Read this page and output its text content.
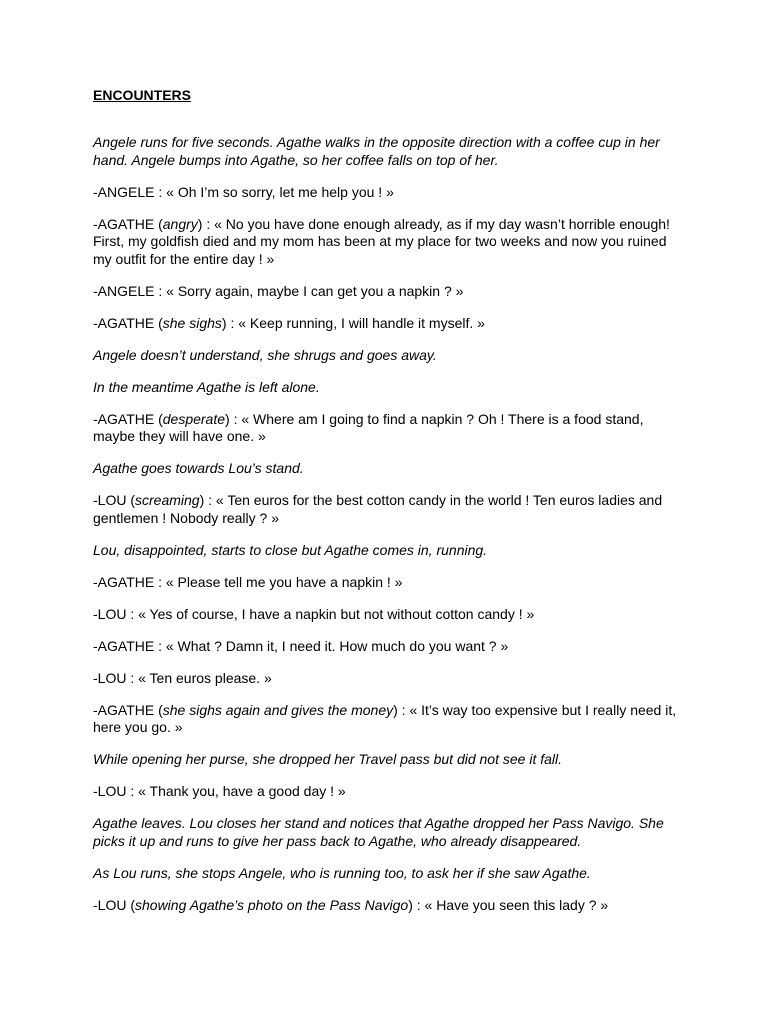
ENCOUNTERS

Angele runs for five seconds. Agathe walks in the opposite direction with a coffee cup in her hand. Angele bumps into Agathe, so her coffee falls on top of her.

-ANGELE : « Oh I’m so sorry, let me help you ! »

-AGATHE (angry) : « No you have done enough already, as if my day wasn’t horrible enough! First, my goldfish died and my mom has been at my place for two weeks and now you ruined my outfit for the entire day ! »

-ANGELE : « Sorry again, maybe I can get you a napkin ? »

-AGATHE (she sighs) : « Keep running, I will handle it myself. »

Angele doesn’t understand, she shrugs and goes away.

In the meantime Agathe is left alone.

-AGATHE (desperate) : « Where am I going to find a napkin ? Oh ! There is a food stand, maybe they will have one. »

Agathe goes towards Lou’s stand.

-LOU (screaming) : « Ten euros for the best cotton candy in the world ! Ten euros ladies and gentlemen ! Nobody really ? »

Lou, disappointed, starts to close but Agathe comes in, running.

-AGATHE : « Please tell me you have a napkin ! »

-LOU : « Yes of course, I have a napkin but not without cotton candy ! »

-AGATHE : « What ? Damn it, I need it. How much do you want ? »

-LOU : « Ten euros please. »

-AGATHE (she sighs again and gives the money) : « It’s way too expensive but I really need it, here you go. »

While opening her purse, she dropped her Travel pass but did not see it fall.

-LOU : « Thank you, have a good day ! »

Agathe leaves. Lou closes her stand and notices that Agathe dropped her Pass Navigo. She picks it up and runs to give her pass back to Agathe, who already disappeared.

As Lou runs, she stops Angele, who is running too, to ask her if she saw Agathe.

-LOU (showing Agathe’s photo on the Pass Navigo) : « Have you seen this lady ? »
